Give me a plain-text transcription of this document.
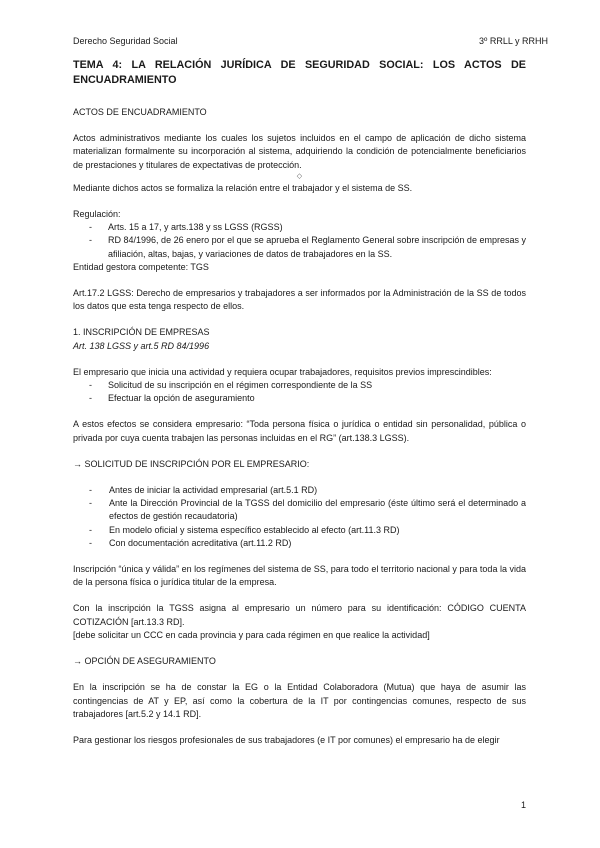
Derecho Seguridad Social	3º RRLL y RRHH

TEMA 4: LA RELACIÓN JURÍDICA DE SEGURIDAD SOCIAL: LOS ACTOS DE ENCUADRAMIENTO

ACTOS DE ENCUADRAMIENTO

Actos administrativos mediante los cuales los sujetos incluidos en el campo de aplicación de dicho sistema materializan formalmente su incorporación al sistema, adquiriendo la condición de potencialmente beneficiarios de prestaciones y titulares de expectativas de protección.

◇

Mediante dichos actos se formaliza la relación entre el trabajador y el sistema de SS.

Regulación:

- Arts. 15 a 17, y arts.138 y ss LGSS (RGSS)
- RD 84/1996, de 26 enero por el que se aprueba el Reglamento General sobre inscripción de empresas y afiliación, altas, bajas, y variaciones de datos de trabajadores en la SS.

Entidad gestora competente: TGS

Art.17.2 LGSS: Derecho de empresarios y trabajadores a ser informados por la Administración de la SS de todos los datos que esta tenga respecto de ellos.

1. INSCRIPCIÓN DE EMPRESAS

Art. 138 LGSS y art.5 RD 84/1996

El empresario que inicia una actividad y requiera ocupar trabajadores, requisitos previos imprescindibles:

- Solicitud de su inscripción en el régimen correspondiente de la SS
- Efectuar la opción de aseguramiento

A estos efectos se considera empresario: “Toda persona física o jurídica o entidad sin personalidad, pública o privada por cuya cuenta trabajen las personas incluidas en el RG” (art.138.3 LGSS).

→ SOLICITUD DE INSCRIPCIÓN POR EL EMPRESARIO:

- Antes de iniciar la actividad empresarial (art.5.1 RD)
- Ante la Dirección Provincial de la TGSS del domicilio del empresario (éste último será el determinado a efectos de gestión recaudatoria)
- En modelo oficial y sistema específico establecido al efecto (art.11.3 RD)
- Con documentación acreditativa (art.11.2 RD)

Inscripción “única y válida” en los regímenes del sistema de SS, para todo el territorio nacional y para toda la vida de la persona física o jurídica titular de la empresa.

Con la inscripción la TGSS asigna al empresario un número para su identificación: CÓDIGO CUENTA COTIZACIÓN [art.13.3 RD].

[debe solicitar un CCC en cada provincia y para cada régimen en que realice la actividad]

→ OPCIÓN DE ASEGURAMIENTO

En la inscripción se ha de constar la EG o la Entidad Colaboradora (Mutua) que haya de asumir las contingencias de AT y EP, así como la cobertura de la IT por contingencias comunes, respecto de sus trabajadores [art.5.2 y 14.1 RD].

Para gestionar los riesgos profesionales de sus trabajadores (e IT por comunes) el empresario ha de elegir

1
